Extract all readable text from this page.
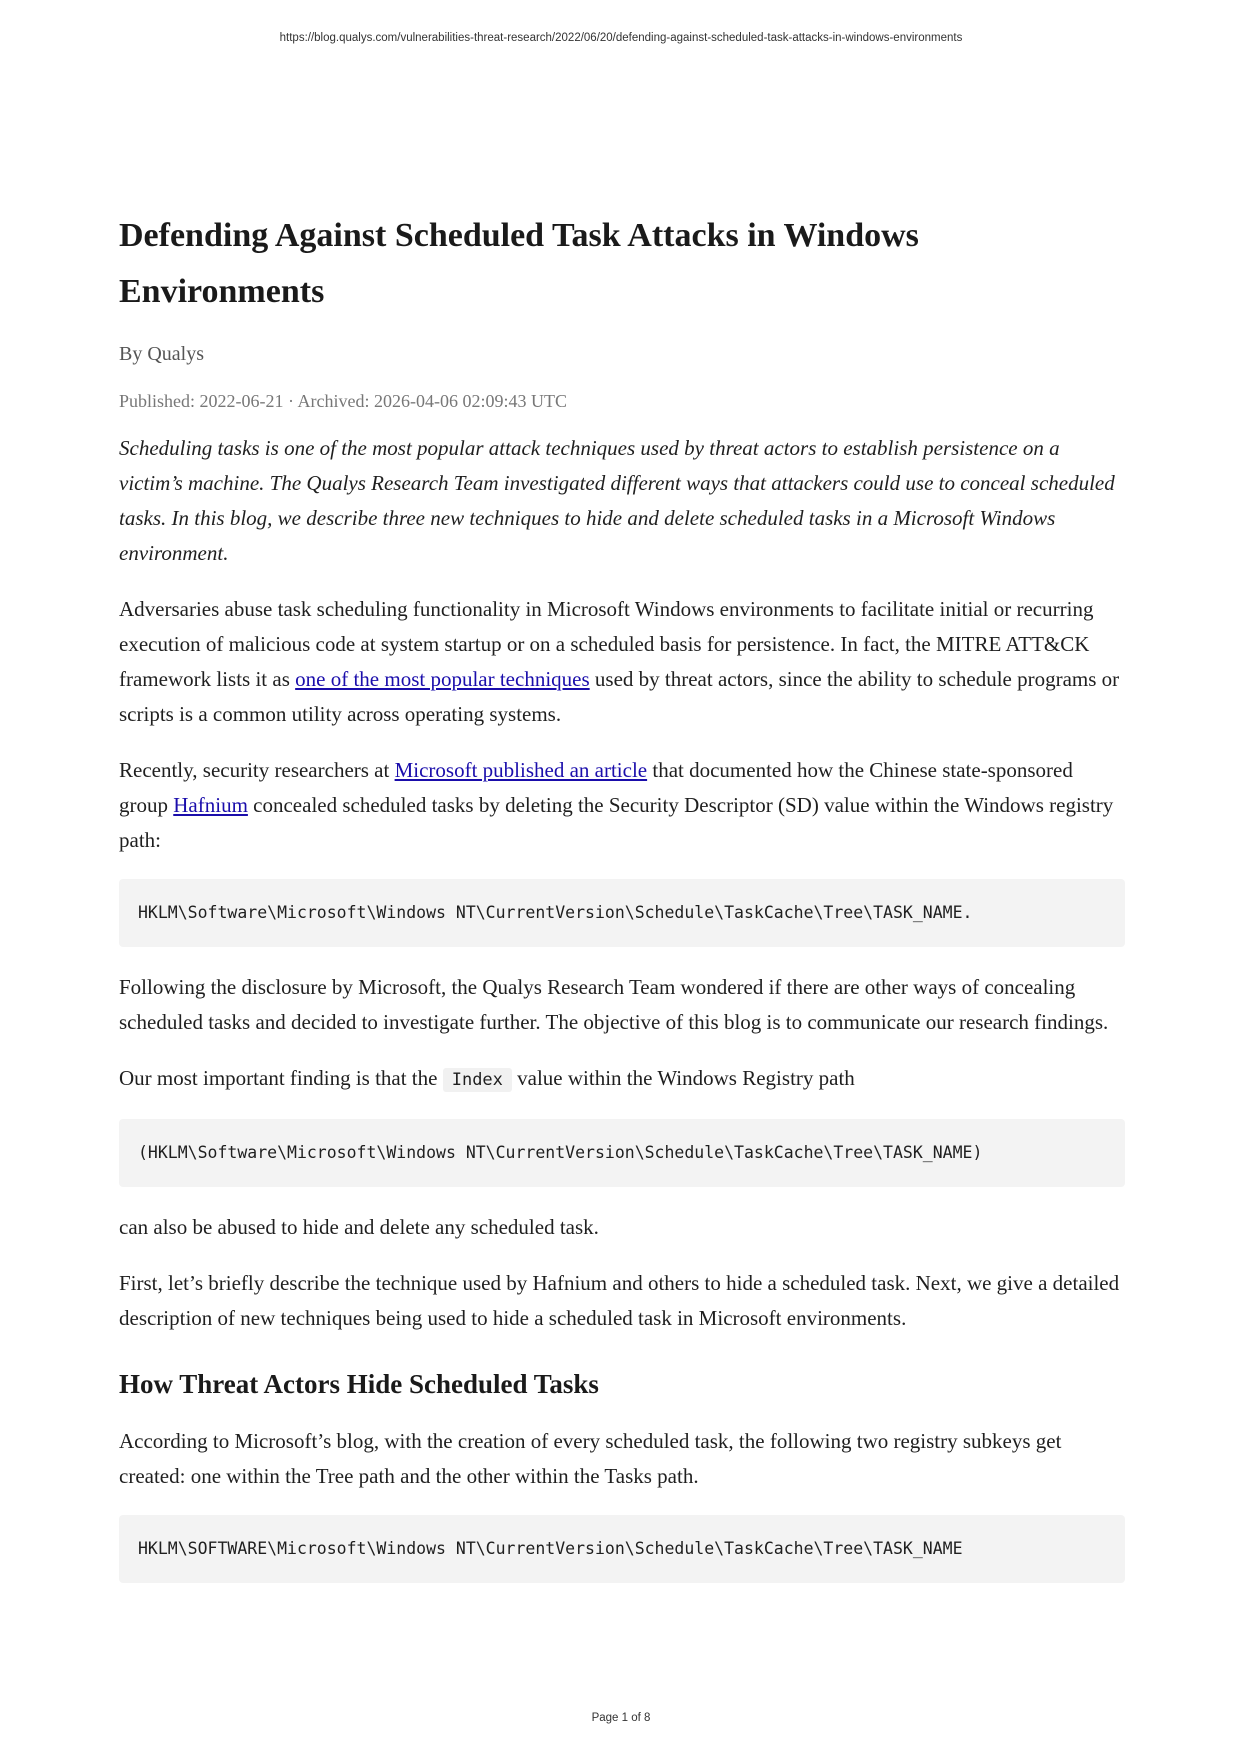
https://blog.qualys.com/vulnerabilities-threat-research/2022/06/20/defending-against-scheduled-task-attacks-in-windows-environments
Defending Against Scheduled Task Attacks in Windows Environments
By Qualys
Published: 2022-06-21 · Archived: 2026-04-06 02:09:43 UTC

Scheduling tasks is one of the most popular attack techniques used by threat actors to establish persistence on a victim’s machine. The Qualys Research Team investigated different ways that attackers could use to conceal scheduled tasks. In this blog, we describe three new techniques to hide and delete scheduled tasks in a Microsoft Windows environment.

Adversaries abuse task scheduling functionality in Microsoft Windows environments to facilitate initial or recurring execution of malicious code at system startup or on a scheduled basis for persistence. In fact, the MITRE ATT&CK framework lists it as one of the most popular techniques used by threat actors, since the ability to schedule programs or scripts is a common utility across operating systems.

Recently, security researchers at Microsoft published an article that documented how the Chinese state-sponsored group Hafnium concealed scheduled tasks by deleting the Security Descriptor (SD) value within the Windows registry path:

HKLM\Software\Microsoft\Windows NT\CurrentVersion\Schedule\TaskCache\Tree\TASK_NAME.

Following the disclosure by Microsoft, the Qualys Research Team wondered if there are other ways of concealing scheduled tasks and decided to investigate further. The objective of this blog is to communicate our research findings.

Our most important finding is that the Index value within the Windows Registry path

(HKLM\Software\Microsoft\Windows NT\CurrentVersion\Schedule\TaskCache\Tree\TASK_NAME)

can also be abused to hide and delete any scheduled task.

First, let’s briefly describe the technique used by Hafnium and others to hide a scheduled task. Next, we give a detailed description of new techniques being used to hide a scheduled task in Microsoft environments.

How Threat Actors Hide Scheduled Tasks

According to Microsoft’s blog, with the creation of every scheduled task, the following two registry subkeys get created: one within the Tree path and the other within the Tasks path.

HKLM\SOFTWARE\Microsoft\Windows NT\CurrentVersion\Schedule\TaskCache\Tree\TASK_NAME
Page 1 of 8
